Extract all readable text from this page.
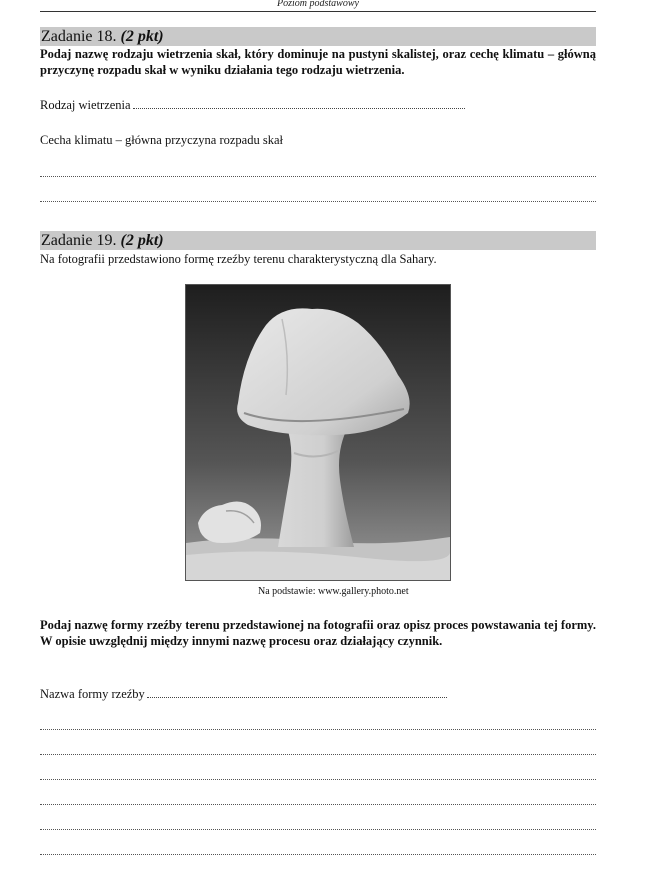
Poziom podstawowy
Zadanie 18. (2 pkt)
Podaj nazwę rodzaju wietrzenia skał, który dominuje na pustyni skalistej, oraz cechę klimatu – główną przyczynę rozpadu skał w wyniku działania tego rodzaju wietrzenia.
Rodzaj wietrzenia
Cecha klimatu – główna przyczyna rozpadu skał
Zadanie 19. (2 pkt)
Na fotografii przedstawiono formę rzeźby terenu charakterystyczną dla Sahary.
Na podstawie: www.gallery.photo.net
Podaj nazwę formy rzeźby terenu przedstawionej na fotografii oraz opisz proces powstawania tej formy. W opisie uwzględnij między innymi nazwę procesu oraz działający czynnik.
Nazwa formy rzeźby
